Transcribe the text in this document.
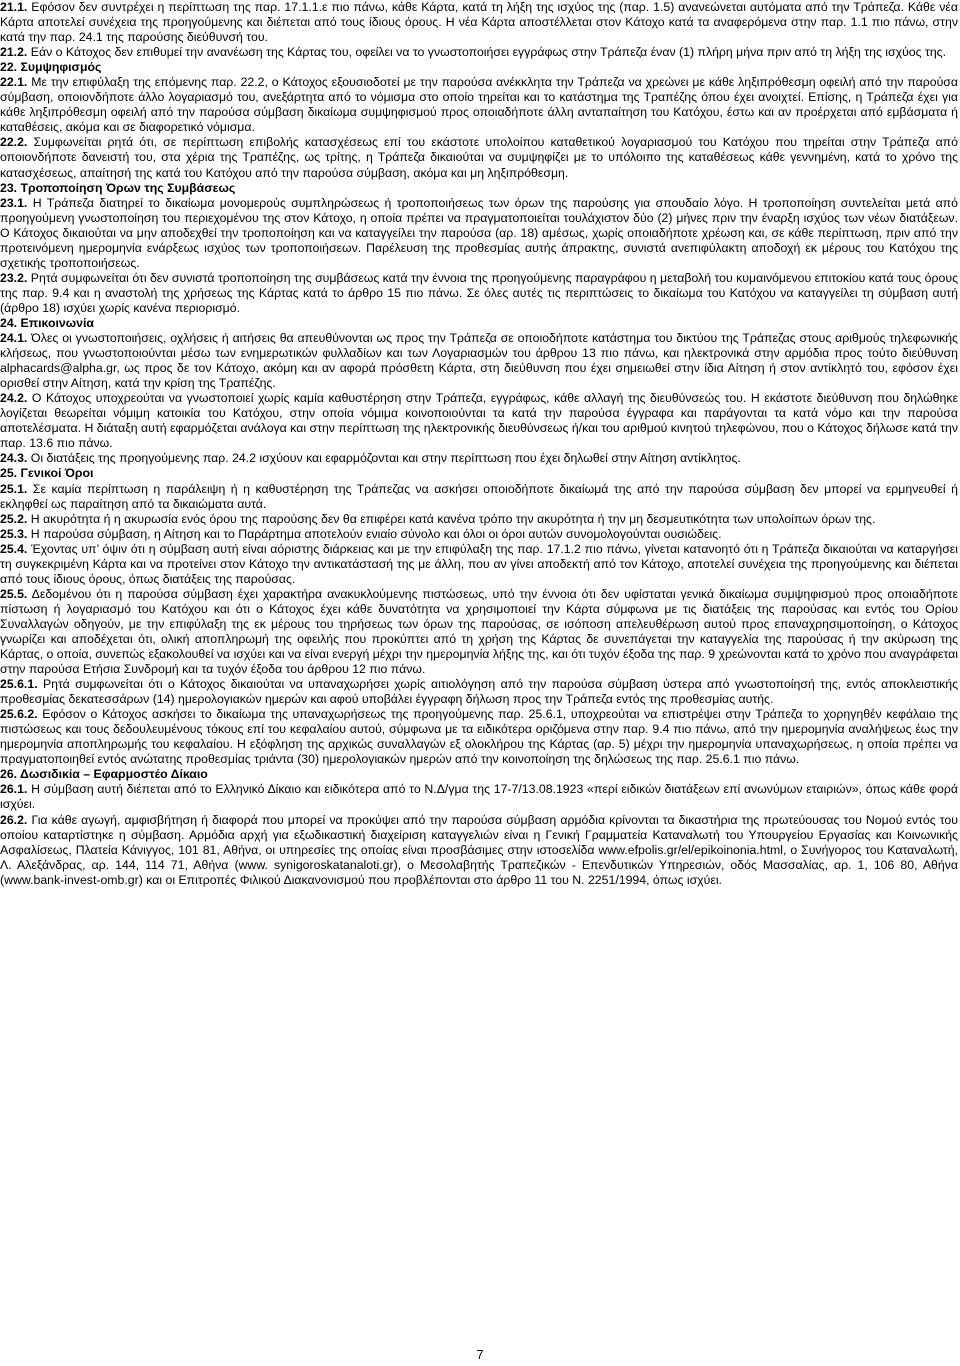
21.1. Εφόσον δεν συντρέχει η περίπτωση της παρ. 17.1.1.ε πιο πάνω, κάθε Κάρτα, κατά τη λήξη της ισχύος της (παρ. 1.5) ανανεώνεται αυτόματα από την Τράπεζα. Κάθε νέα Κάρτα αποτελεί συνέχεια της προηγούμενης και διέπεται από τους ίδιους όρους. Η νέα Κάρτα αποστέλλεται στον Κάτοχο κατά τα αναφερόμενα στην παρ. 1.1 πιο πάνω, στην κατά την παρ. 24.1 της παρούσης διεύθυνσή του.

21.2. Εάν ο Κάτοχος δεν επιθυμεί την ανανέωση της Κάρτας του, οφείλει να το γνωστοποιήσει εγγράφως στην Τράπεζα έναν (1) πλήρη μήνα πριν από τη λήξη της ισχύος της.

22. Συμψηφισμός

22.1. Με την επιφύλαξη της επόμενης παρ. 22.2, ο Κάτοχος εξουσιοδοτεί με την παρούσα ανέκκλητα την Τράπεζα να χρεώνει με κάθε ληξιπρόθεσμη οφειλή από την παρούσα σύμβαση, οποιονδήποτε άλλο λογαριασμό του, ανεξάρτητα από το νόμισμα στο οποίο τηρείται και το κατάστημα της Τραπέζης όπου έχει ανοιχτεί. Επίσης, η Τράπεζα έχει για κάθε ληξιπρόθεσμη οφειλή από την παρούσα σύμβαση δικαίωμα συμψηφισμού προς οποιαδήποτε άλλη ανταπαίτηση του Κατόχου, έστω και αν προέρχεται από εμβάσματα ή καταθέσεις, ακόμα και σε διαφορετικό νόμισμα.

22.2. Συμφωνείται ρητά ότι, σε περίπτωση επιβολής κατασχέσεως επί του εκάστοτε υπολοίπου καταθετικού λογαριασμού του Κατόχου που τηρείται στην Τράπεζα από οποιονδήποτε δανειστή του, στα χέρια της Τραπέζης, ως τρίτης, η Τράπεζα δικαιούται να συμψηφίζει με το υπόλοιπο της καταθέσεως κάθε γεννημένη, κατά το χρόνο της κατασχέσεως, απαίτησή της κατά του Κατόχου από την παρούσα σύμβαση, ακόμα και μη ληξιπρόθεσμη.

23. Τροποποίηση Όρων της Συμβάσεως

23.1. Η Τράπεζα διατηρεί το δικαίωμα μονομερούς συμπληρώσεως ή τροποποιήσεως των όρων της παρούσης για σπουδαίο λόγο. Η τροποποίηση συντελείται μετά από προηγούμενη γνωστοποίηση του περιεχομένου της στον Κάτοχο, η οποία πρέπει να πραγματοποιείται τουλάχιστον δύο (2) μήνες πριν την έναρξη ισχύος των νέων διατάξεων. Ο Κάτοχος δικαιούται να μην αποδεχθεί την τροποποίηση και να καταγγείλει την παρούσα (αρ. 18) αμέσως, χωρίς οποιαδήποτε χρέωση και, σε κάθε περίπτωση, πριν από την προτεινόμενη ημερομηνία ενάρξεως ισχύος των τροποποιήσεων. Παρέλευση της προθεσμίας αυτής άπρακτης, συνιστά ανεπιφύλακτη αποδοχή εκ μέρους του Κατόχου της σχετικής τροποποιήσεως.

23.2. Ρητά συμφωνείται ότι δεν συνιστά τροποποίηση της συμβάσεως κατά την έννοια της προηγούμενης παραγράφου η μεταβολή του κυμαινόμενου επιτοκίου κατά τους όρους της παρ. 9.4 και η αναστολή της χρήσεως της Κάρτας κατά το άρθρο 15 πιο πάνω. Σε όλες αυτές τις περιπτώσεις το δικαίωμα του Κατόχου να καταγγείλει τη σύμβαση αυτή (άρθρο 18) ισχύει χωρίς κανένα περιορισμό.

24. Επικοινωνία

24.1. Όλες οι γνωστοποιήσεις, οχλήσεις ή αιτήσεις θα απευθύνονται ως προς την Τράπεζα σε οποιοδήποτε κατάστημα του δικτύου της Τράπεζας στους αριθμούς τηλεφωνικής κλήσεως, που γνωστοποιούνται μέσω των ενημερωτικών φυλλαδίων και των Λογαριασμών του άρθρου 13 πιο πάνω, και ηλεκτρονικά στην αρμόδια προς τούτο διεύθυνση alphacards@alpha.gr, ως προς δε τον Κάτοχο, ακόμη και αν αφορά πρόσθετη Κάρτα, στη διεύθυνση που έχει σημειωθεί στην ίδια Αίτηση ή στον αντίκλητό του, εφόσον έχει ορισθεί στην Αίτηση, κατά την κρίση της Τραπέζης.

24.2. Ο Κάτοχος υποχρεούται να γνωστοποιεί χωρίς καμία καθυστέρηση στην Τράπεζα, εγγράφως, κάθε αλλαγή της διευθύνσεώς του. Η εκάστοτε διεύθυνση που δηλώθηκε λογίζεται θεωρείται νόμιμη κατοικία του Κατόχου, στην οποία νόμιμα κοινοποιούνται τα κατά την παρούσα έγγραφα και παράγονται τα κατά νόμο και την παρούσα αποτελέσματα. Η διάταξη αυτή εφαρμόζεται ανάλογα και στην περίπτωση της ηλεκτρονικής διευθύνσεως ή/και του αριθμού κινητού τηλεφώνου, που ο Κάτοχος δήλωσε κατά την παρ. 13.6 πιο πάνω.

24.3. Οι διατάξεις της προηγούμενης παρ. 24.2 ισχύουν και εφαρμόζονται και στην περίπτωση που έχει δηλωθεί στην Αίτηση αντίκλητος.

25. Γενικοί Όροι

25.1. Σε καμία περίπτωση η παράλειψη ή η καθυστέρηση της Τράπεζας να ασκήσει οποιοδήποτε δικαίωμά της από την παρούσα σύμβαση δεν μπορεί να ερμηνευθεί ή εκληφθεί ως παραίτηση από τα δικαιώματα αυτά.

25.2. Η ακυρότητα ή η ακυρωσία ενός όρου της παρούσης δεν θα επιφέρει κατά κανένα τρόπο την ακυρότητα ή την μη δεσμευτικότητα των υπολοίπων όρων της.

25.3. Η παρούσα σύμβαση, η Αίτηση και το Παράρτημα αποτελούν ενιαίο σύνολο και όλοι οι όροι αυτών συνομολογούνται ουσιώδεις.

25.4. Έχοντας υπ’ όψιν ότι η σύμβαση αυτή είναι αόριστης διάρκειας και με την επιφύλαξη της παρ. 17.1.2 πιο πάνω, γίνεται κατανοητό ότι η Τράπεζα δικαιούται να καταργήσει τη συγκεκριμένη Κάρτα και να προτείνει στον Κάτοχο την αντικατάστασή της με άλλη, που αν γίνει αποδεκτή από τον Κάτοχο, αποτελεί συνέχεια της προηγούμενης και διέπεται από τους ίδιους όρους, όπως διατάξεις της παρούσας.

25.5. Δεδομένου ότι η παρούσα σύμβαση έχει χαρακτήρα ανακυκλούμενης πιστώσεως, υπό την έννοια ότι δεν υφίσταται γενικά δικαίωμα συμψηφισμού προς οποιαδήποτε πίστωση ή λογαριασμό του Κατόχου και ότι ο Κάτοχος έχει κάθε δυνατότητα να χρησιμοποιεί την Κάρτα σύμφωνα με τις διατάξεις της παρούσας και εντός του Ορίου Συναλλαγών οδηγούν, με την επιφύλαξη της εκ μέρους του τηρήσεως των όρων της παρούσας, σε ισόποση απελευθέρωση αυτού προς επαναχρησιμοποίηση, ο Κάτοχος γνωρίζει και αποδέχεται ότι, ολική αποπληρωμή της οφειλής που προκύπτει από τη χρήση της Κάρτας δε συνεπάγεται την καταγγελία της παρούσας ή την ακύρωση της Κάρτας, ο οποία, συνεπώς εξακολουθεί να ισχύει και να είναι ενεργή μέχρι την ημερομηνία λήξης της, και ότι τυχόν έξοδα της παρ. 9 χρεώνονται κατά το χρόνο που αναγράφεται στην παρούσα Ετήσια Συνδρομή και τα τυχόν έξοδα του άρθρου 12 πιο πάνω.

25.6.1. Ρητά συμφωνείται ότι ο Κάτοχος δικαιούται να υπαναχωρήσει χωρίς αιτιολόγηση από την παρούσα σύμβαση ύστερα από γνωστοποίησή της, εντός αποκλειστικής προθεσμίας δεκατεσσάρων (14) ημερολογιακών ημερών και αφού υποβάλει έγγραφη δήλωση προς την Τράπεζα εντός της προθεσμίας αυτής.

25.6.2. Εφόσον ο Κάτοχος ασκήσει το δικαίωμα της υπαναχωρήσεως της προηγούμενης παρ. 25.6.1, υποχρεούται να επιστρέψει στην Τράπεζα το χορηγηθέν κεφάλαιο της πιστώσεως και τους δεδουλευμένους τόκους επί του κεφαλαίου αυτού, σύμφωνα με τα ειδικότερα οριζόμενα στην παρ. 9.4 πιο πάνω, από την ημερομηνία αναλήψεως έως την ημερομηνία αποπληρωμής του κεφαλαίου. Η εξόφληση της αρχικώς συναλλαγών εξ ολοκλήρου της Κάρτας (αρ. 5) μέχρι την ημερομηνία υπαναχωρήσεως, η οποία πρέπει να πραγματοποιηθεί εντός ανώτατης προθεσμίας τριάντα (30) ημερολογιακών ημερών από την κοινοποίηση της δηλώσεως της παρ. 25.6.1 πιο πάνω.

26. Δωσιδικία – Εφαρμοστέο Δίκαιο

26.1. Η σύμβαση αυτή διέπεται από το Ελληνικό Δίκαιο και ειδικότερα από το Ν.Δ/γμα της 17-7/13.08.1923 «περί ειδικών διατάξεων επί ανωνύμων εταιριών», όπως κάθε φορά ισχύει.

26.2. Για κάθε αγωγή, αμφισβήτηση ή διαφορά που μπορεί να προκύψει από την παρούσα σύμβαση αρμόδια κρίνονται τα δικαστήρια της πρωτεύουσας του Νομού εντός του οποίου καταρτίστηκε η σύμβαση. Αρμόδια αρχή για εξωδικαστική διαχείριση καταγγελιών είναι η Γενική Γραμματεία Καταναλωτή του Υπουργείου Εργασίας και Κοινωνικής Ασφαλίσεως, Πλατεία Κάνιγγος, 101 81, Αθήνα, οι υπηρεσίες της οποίας είναι προσβάσιμες στην ιστοσελίδα www.efpolis.gr/el/epikoinonia.html, ο Συνήγορος του Καταναλωτή, Λ. Αλεξάνδρας, αρ. 144, 114 71, Αθήνα (www. synigoroskatanaloti.gr), ο Μεσολαβητής Τραπεζικών - Επενδυτικών Υπηρεσιών, οδός Μασσαλίας, αρ. 1, 106 80, Αθήνα (www.bank-invest-omb.gr) και οι Επιτροπές Φιλικού Διακανονισμού που προβλέπονται στο άρθρο 11 του Ν. 2251/1994, όπως ισχύει.

7
